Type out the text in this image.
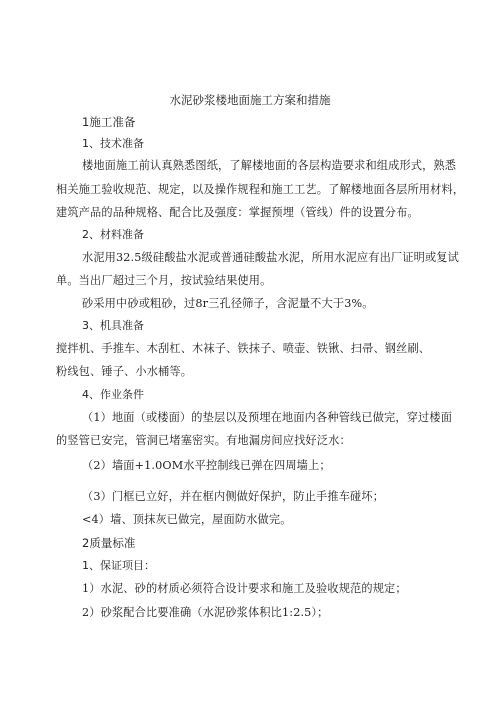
水泥砂浆楼地面施工方案和措施
1施工准备
1、技术准备
楼地面施工前认真熟悉图纸，了解楼地面的各层构造要求和组成形式，熟悉
相关施工验收规范、规定，以及操作规程和施工工艺。了解楼地面各层所用材料，
建筑产品的品种规格、配合比及强度：掌握预埋（管线）件的设置分布。
2、材料准备
水泥用32.5级硅酸盐水泥或普通硅酸盐水泥，所用水泥应有出厂证明或复试
单。当出厂超过三个月，按试验结果使用。
砂采用中砂或粗砂，过8r三孔径筛子，含泥量不大于3%。
3、机具准备
搅拌机、手推车、木刮杠、木袜子、铁抹子、喷壶、铁锹、扫帚、钢丝刷、
粉线包、锤子、小水桶等。
4、作业条件
（1）地面（或楼面）的垫层以及预埋在地面内各种管线已做完，穿过楼面
的竖管已安完，管洞已堵塞密实。有地漏房间应找好泛水：
（2）墙面+1.0OM水平控制线已弹在四周墙上；
（3）门框已立好，并在框内侧做好保护，防止手推车碰坏；
<4）墙、顶抹灰已做完，屋面防水做完。
2质量标准
1、保证项目：
1）水泥、砂的材质必须符合设计要求和施工及验收规范的规定；
2）砂浆配合比要准确（水泥砂浆体积比1:2.5）；
